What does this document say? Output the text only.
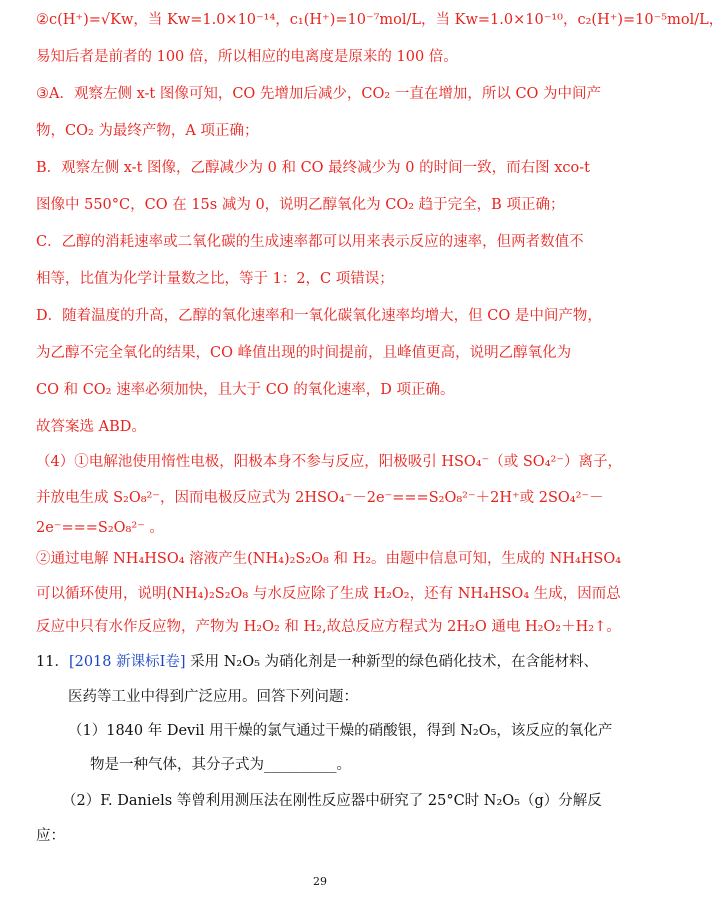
②c(H⁺)=√Kw，当 Kw=1.0×10⁻¹⁴，c₁(H⁺)=10⁻⁷mol/L，当 Kw=1.0×10⁻¹⁰，c₂(H⁺)=10⁻⁵mol/L，
易知后者是前者的 100 倍，所以相应的电离度是原来的 100 倍。
③A．观察左侧 x-t 图像可知，CO 先增加后减少，CO₂ 一直在增加，所以 CO 为中间产
物，CO₂ 为最终产物，A 项正确；
B．观察左侧 x-t 图像，乙醇减少为 0 和 CO 最终减少为 0 的时间一致，而右图 xco-t
图像中 550°C，CO 在 15s 减为 0，说明乙醇氧化为 CO₂ 趋于完全，B 项正确；
C．乙醇的消耗速率或二氧化碳的生成速率都可以用来表示反应的速率，但两者数值不
相等，比值为化学计量数之比，等于 1：2，C 项错误；
D．随着温度的升高，乙醇的氧化速率和一氧化碳氧化速率均增大，但 CO 是中间产物，
为乙醇不完全氧化的结果，CO 峰值出现的时间提前，且峰值更高，说明乙醇氧化为
CO 和 CO₂ 速率必须加快，且大于 CO 的氧化速率，D 项正确。
故答案选 ABD。
（4）①电解池使用惰性电极，阳极本身不参与反应，阳极吸引 HSO₄⁻（或 SO₄²⁻）离子，
并放电生成 S₂O₈²⁻，因而电极反应式为 2HSO₄⁻－2e⁻===S₂O₈²⁻＋2H⁺或 2SO₄²⁻－
2e⁻===S₂O₈²⁻ 。
②通过电解 NH₄HSO₄ 溶液产生(NH₄)₂S₂O₈ 和 H₂。由题中信息可知，生成的 NH₄HSO₄
可以循环使用，说明(NH₄)₂S₂O₈ 与水反应除了生成 H₂O₂，还有 NH₄HSO₄ 生成，因而总
反应中只有水作反应物，产物为 H₂O₂ 和 H₂,故总反应方程式为 2H₂O 通电 H₂O₂＋H₂↑。
11．[2018 新课标Ⅰ卷] 采用 N₂O₅ 为硝化剂是一种新型的绿色硝化技术，在含能材料、
医药等工业中得到广泛应用。回答下列问题：
（1）1840 年 Devil 用干燥的氯气通过干燥的硝酸银，得到 N₂O₅，该反应的氧化产
物是一种气体，其分子式为__________。
（2）F. Daniels 等曾利用测压法在刚性反应器中研究了 25°C时 N₂O₅（g）分解反
应：
29
